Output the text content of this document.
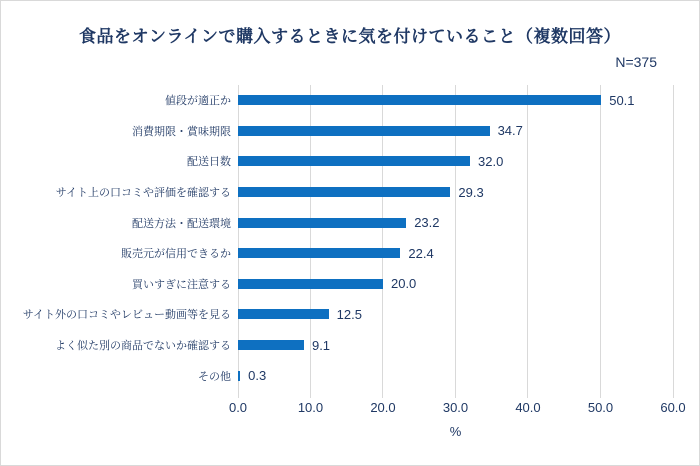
食品をオンラインで購入するときに気を付けていること（複数回答）
N=375
値段が適正か
消費期限・賞味期限
配送日数
サイト上の口コミや評価を確認する
配送方法・配送環境
販売元が信用できるか
買いすぎに注意する
サイト外の口コミやレビュー動画等を見る
よく似た別の商品でないか確認する
その他
50.1
34.7
32.0
29.3
23.2
22.4
20.0
12.5
9.1
0.3
0.0	10.0	20.0	30.0	40.0	50.0	60.0
%
